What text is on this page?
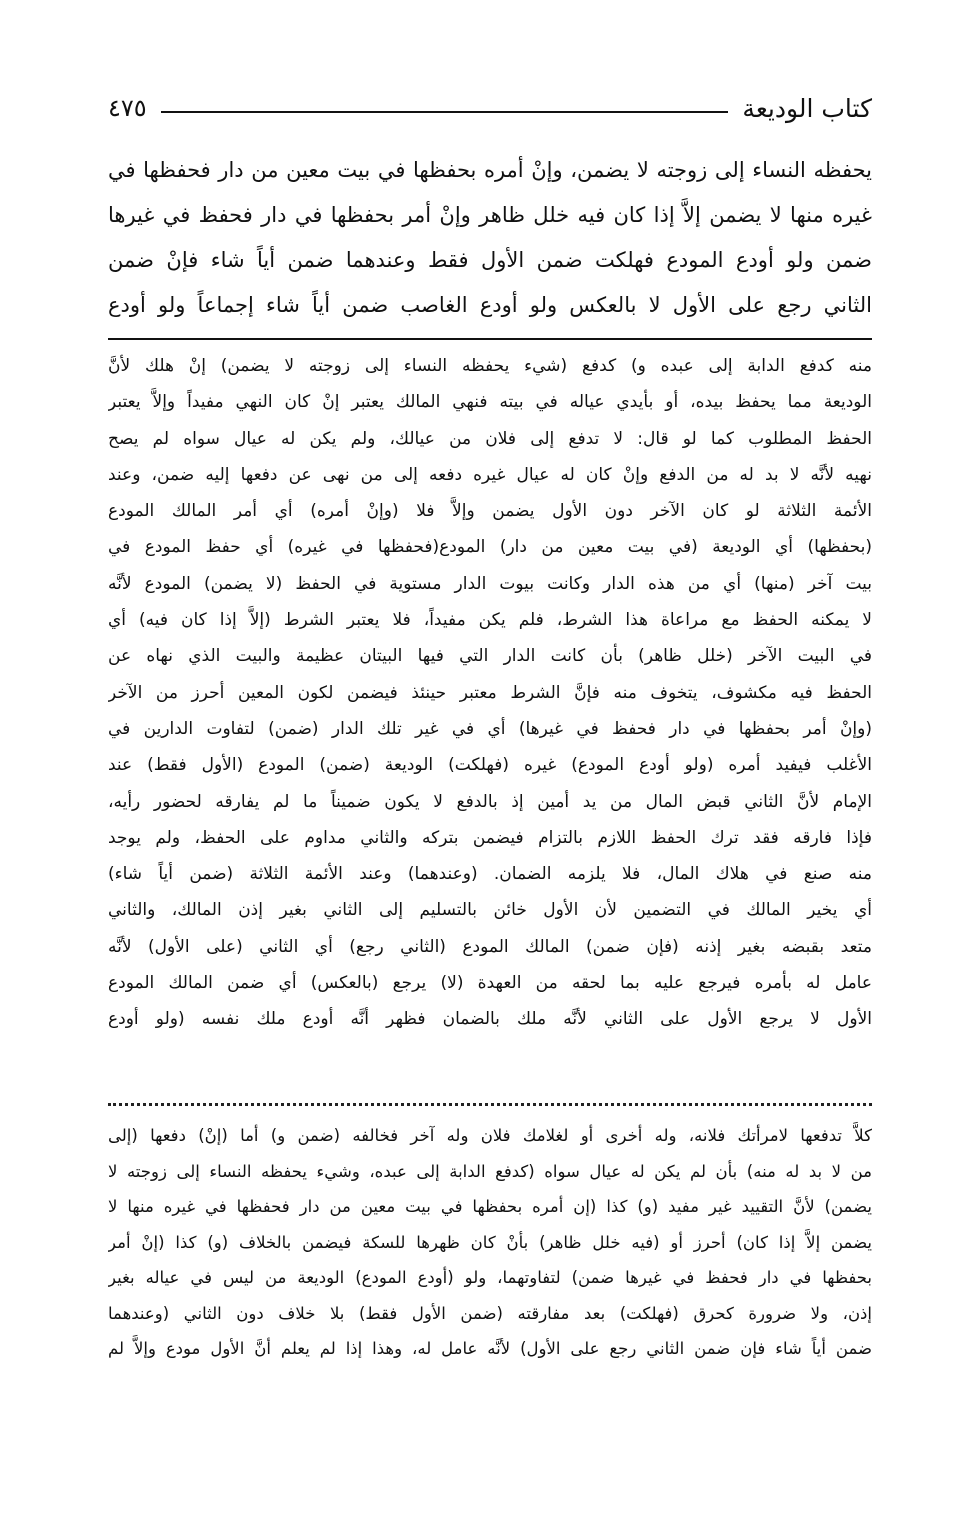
كتاب الوديعة
٤٧٥
يحفظه النساء إلى زوجته لا يضمن، وإنْ أمره بحفظها في بيت معين من دار فحفظها في
غيره منها لا يضمن إلاَّ إذا كان فيه خلل ظاهر وإنْ أمر بحفظها في دار فحفظ في غيرها
ضمن ولو أودع المودع فهلكت ضمن الأول فقط وعندهما ضمن أياً شاء فإنْ ضمن
الثاني رجع على الأول لا بالعكس ولو أودع الغاصب ضمن أياً شاء إجماعاً ولو أودع
منه كدفع الدابة إلى عبده و) كدفع (شيء يحفظه النساء إلى زوجته لا يضمن) إنْ هلك لأنَّ
الوديعة مما يحفظ بيده، أو بأيدي عياله في بيته فنهي المالك يعتبر إنْ كان النهي مفيداً وإلاَّ يعتبر
الحفظ المطلوب كما لو قال: لا تدفع إلى فلان من عيالك، ولم يكن له عيال سواه لم يصح
نهيه لأنَّه لا بد له من الدفع وإنْ كان له عيال غيره دفعه إلى من نهى عن دفعها إليه ضمن، وعند
الأئمة الثلاثة لو كان الآخر دون الأول يضمن وإلاَّ فلا (وإنْ أمره) أي أمر المالك المودع
(بحفظها) أي الوديعة (في بيت معين من دار) المودع(فحفظها في غيره) أي حفظ المودع في
بيت آخر (منها) أي من هذه الدار وكانت بيوت الدار مستوية في الحفظ (لا يضمن) المودع لأنَّه
لا يمكنه الحفظ مع مراعاة هذا الشرط، فلم يكن مفيداً، فلا يعتبر الشرط (إلاَّ إذا كان فيه) أي
في البيت الآخر (خلل ظاهر) بأن كانت الدار التي فيها البيتان عظيمة والبيت الذي نهاه عن
الحفظ فيه مكشوف، يتخوف منه فإنَّ الشرط معتبر حينئذ فيضمن لكون المعين أحرز من الآخر
(وإنْ أمر بحفظها في دار فحفظ في غيرها) أي في غير تلك الدار (ضمن) لتفاوت الدارين في
الأغلب فيفيد أمره (ولو أودع المودع) غيره (فهلكت) الوديعة (ضمن) المودع (الأول فقط) عند
الإمام لأنَّ الثاني قبض المال من يد أمين إذ بالدفع لا يكون ضميناً ما لم يفارقه لحضور رأيه،
فإذا فارقه فقد ترك الحفظ اللازم بالتزام فيضمن بتركه والثاني مداوم على الحفظ، ولم يوجد
منه صنع في هلاك المال، فلا يلزمه الضمان. (وعندهما) وعند الأئمة الثلاثة (ضمن أياً شاء)
أي يخير المالك في التضمين لأن الأول خائن بالتسليم إلى الثاني بغير إذن المالك، والثاني
متعد بقبضه بغير إذنه (فإن ضمن) المالك المودع (الثاني رجع) أي الثاني (على الأول) لأنَّه
عامل له بأمره فيرجع عليه بما لحقه من العهدة (لا) يرجع (بالعكس) أي ضمن المالك المودع
الأول لا يرجع الأول على الثاني لأنَّه ملك بالضمان فظهر أنَّه أودع ملك نفسه (ولو أودع
كلاَّ تدفعها لامرأتك فلانه، وله أخرى أو لغلامك فلان وله آخر فخالفه (ضمن و) أما (إنْ) دفعها (إلى
من لا بد له منه) بأن لم يكن له عيال سواه (كدفع الدابة إلى عبده، وشيء يحفظه النساء إلى زوجته لا
يضمن) لأنَّ التقييد غير مفيد (و) كذا (إن أمره بحفظها في بيت معين من دار فحفظها في غيره منها لا
يضمن إلاَّ إذا كان) أحرز أو (فيه خلل ظاهر) بأنْ كان ظهرها للسكة فيضمن بالخلاف (و) كذا (إنْ أمر
بحفظها في دار فحفظ في غيرها ضمن) لتفاوتهما، ولو (أودع المودع) الوديعة من ليس في عياله بغير
إذن، ولا ضرورة كحرق (فهلكت) بعد مفارقته (ضمن الأول فقط) بلا خلاف دون الثاني (وعندهما
ضمن أياً شاء فإن ضمن الثاني رجع على الأول) لأنَّه عامل له، وهذا إذا لم يعلم أنَّ الأول مودع وإلاَّ لم
